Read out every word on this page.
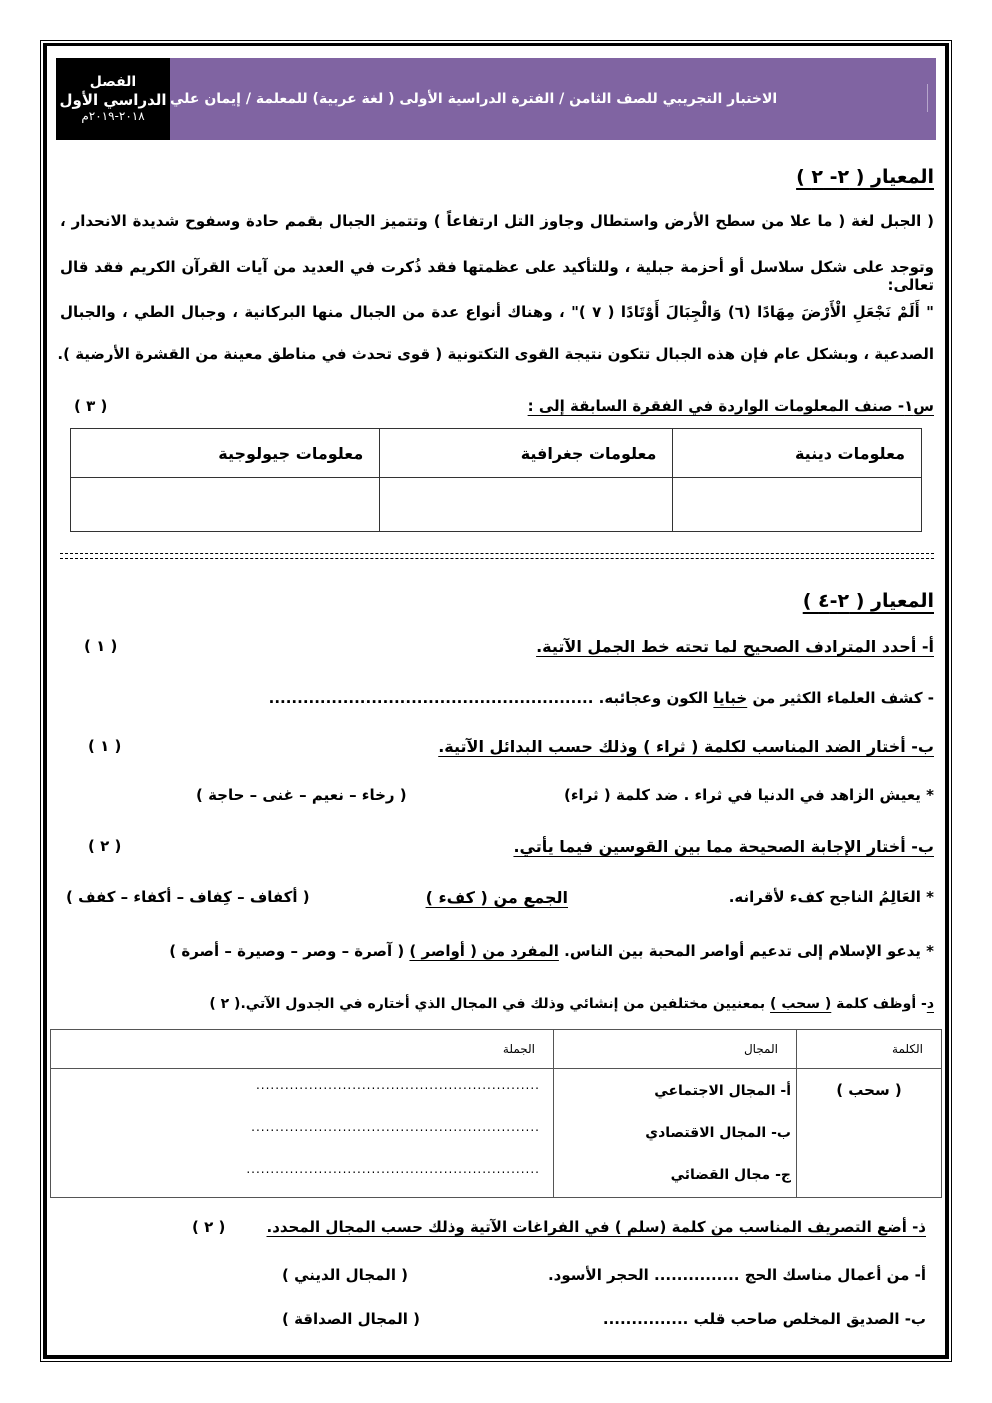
الفصل
الدراسي الأول
٢٠١٨-٢٠١٩م
الاختبار التجريبي للصف الثامن / الفترة الدراسية الأولى ( لغة عربية) للمعلمة / إيمان علي
المعيار ( ٢- ٢ )
( الجبل لغة ( ما علا من سطح الأرض واستطال وجاوز التل ارتفاعاً ) وتتميز الجبال بقمم حادة وسفوح شديدة الانحدار ،
وتوجد على شكل سلاسل أو أحزمة جبلية ، وللتأكيد على عظمتها فقد ذُكرت في العديد من آيات القرآن الكريم فقد قال تعالى:
" أَلَمْ نَجْعَلِ الْأَرْضَ مِهَادًا (٦) وَالْجِبَالَ أَوْتَادًا ( ٧ )" ، وهناك أنواع عدة من الجبال منها البركانية ، وجبال الطي ، والجبال
الصدعية ، وبشكل عام فإن هذه الجبال تتكون نتيجة القوى التكتونية ( قوى تحدث في مناطق معينة من القشرة الأرضية ).
س١- صنف المعلومات الواردة في الفقرة السابقة إلى :
( ٣ )
معلومات دينية	معلومات جغرافية	معلومات جيولوجية

المعيار ( ٢-٤ )
أ- أحدد المترادف الصحيح لما تحته خط الجمل الآتية.
( ١ )
- كشف العلماء الكثير من خبايا الكون وعجائبه. .........................................................
ب- أختار الضد المناسب لكلمة ( ثراء ) وذلك حسب البدائل الآتية.
( ١ )
* يعيش الزاهد في الدنيا في ثراء . ضد كلمة ( ثراء)
( رخاء – نعيم – غنى – حاجة )
ب- أختار الإجابة الصحيحة مما بين القوسين فيما يأتي.
( ٢ )
* العَالِمُ الناجح كفء لأقرانه.
الجمع من ( كفء )
( أكفاف – كِفاف – أكفاء – كفف )
* يدعو الإسلام إلى تدعيم أواصر المحبة بين الناس. المفرد من ( أواصر ) ( آصرة – وصر – وصيرة – أصرة )
د- أوظف كلمة ( سحب ) بمعنيين مختلفين من إنشائي وذلك في المجال الذي أختاره في الجدول الآتي.( ٢ )
الكلمة	المجال	الجملة
( سحب )	
أ- المجال الاجتماعي
ب- المجال الاقتصادي
ج- مجال القضائي

...........................................................
............................................................
.............................................................
ذ- أضع التصريف المناسب من كلمة (سلم ) في الفراغات الآتية وذلك حسب المجال المحدد.
( ٢ )
أ- من أعمال مناسك الحج ............... الحجر الأسود.
( المجال الديني )
ب- الصديق المخلص صاحب قلب ...............
( المجال الصداقة )
